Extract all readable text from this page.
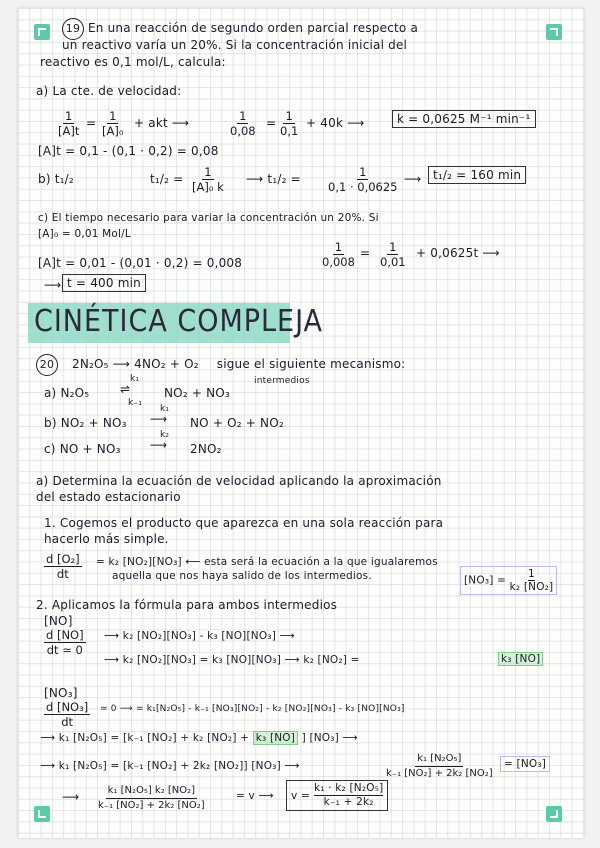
19 En una reacción de segundo orden parcial respecto a
un reactivo varía un 20%. Si la concentración inicial del
reactivo es 0,1 mol/L, calcula:
a) La cte. de velocidad:
$\frac{1}{[A]t} = \frac{1}{\text{[A]₀}}$ + akt ⟶	$\frac{1}{0,08} = \frac{1}{0,1} + 40k$ ⟶	k = 0,0625 M⁻¹ min⁻¹
[A]t = 0,1 - (0,1 · 0,2) = 0,08
b) t₁/₂	$t_1/_2 = \frac{1}{\text{[A]₀ k}}$ ⟶ $t_1/_2 = \frac{1}{0,1 \cdot 0,0625}$ ⟶ t₁/₂ = 160 min
c) El tiempo necesario para variar la concentración un 20%. Si
[A]₀ = 0,01 Mol/L
$\frac{1}{0,008} = \frac{1}{0,01} + 0,0625t$ ⟶
[A]t = 0,01 - (0,01 · 0,2) = 0,008
⟶ t = 400 min
CINÉTICA COMPLEJA
20 2N₂O₅ ⟶ 4NO₂ + O₂ sigue el siguiente mecanismo:
a) N₂O₅
k₁
⇌
k₋₁
NO₂ + NO₃
intermedios
b) NO₂ + NO₃
k₁
⟶ NO + O₂ + NO₂
c) NO + NO₃
k₂
⟶ 2NO₂
a) Determina la ecuación de velocidad aplicando la aproximación
del estado estacionario
1. Cogemos el producto que aparezca en una sola reacción para
hacerlo más simple.
$\frac{\text{d [O₂]}}{dt} = k_2$ [NO₂][NO₃] ⟵ esta será la ecuación a la que igualaremos
aquella que nos haya salido de los intermedios.	$[NO_3] = \frac{1}{\text{k₂ [NO₂]}}$
2. Aplicamos la fórmula para ambos intermedios
[NO]
$\frac{d [NO]}{dt ≃ 0}$ ⟶ k₂ [NO₂][NO₃] - k₃ [NO][NO₃] ⟶
⟶ k₂ [NO₂][NO₃] = k₃ [NO][NO₃] ⟶ k₂ [NO₂] =	k₃ [NO]
[NO₃]
$\frac{\text{d [NO₃]}}{dt}$ ≃ 0 ⟶ = k₁[N₂O₅] - k₋₁ [NO₃][NO₂] - k₂ [NO₂][NO₃] - k₃ [NO][NO₃]
⟶ k₁ [N₂O₅] = [k₋₁ [NO₂] + k₂ [NO₂] + k₃ [NO] ] [NO₃] ⟶
⟶ k₁ [N₂O₅] = [k₋₁ [NO₂] + 2k₂ [NO₂]] [NO₃] ⟶	$\frac{\text{k₁ [N₂O₅]}}{\text{k₋₁ [NO₂] + 2k₂ [NO₂]}} = [NO_3]$
⟶ $\frac{\text{k₁ [N₂O₅] k₂ [NO₂]}}{\text{k₋₁ [NO₂] + 2k₂ [NO₂]}}$	= v ⟶ $v = \frac{\text{k₁ · k₂ [N₂O₅]}}{\text{k₋₁ + 2k₂}}$
